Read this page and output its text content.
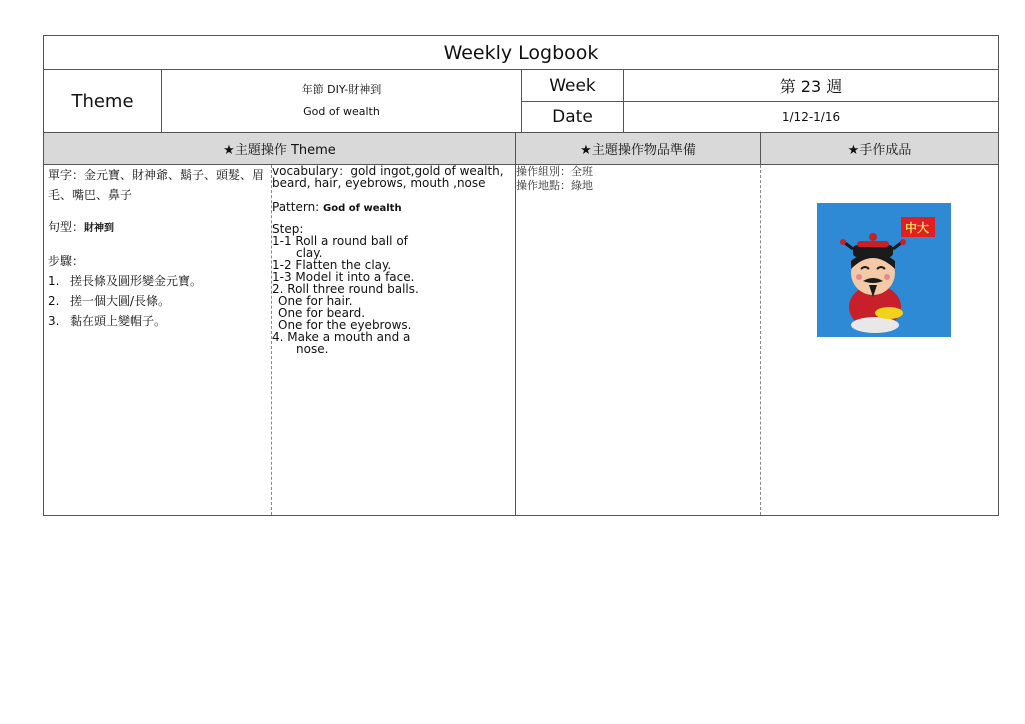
Weekly Logbook
Theme
年節 DIY-財神到
God of wealth
Week	第 23 週
Date	1/12-1/16
★主題操作 Theme	★主題操作物品準備	★手作成品
單字：金元寶、財神爺、鬍子、頭髮、眉毛、嘴巴、鼻子
句型：財神到
步驟：
1. 搓長條及圓形變金元寶。
2. 搓一個大圓/長條。
3. 黏在頭上變帽子。
vocabulary：gold ingot,gold of wealth,
beard, hair, eyebrows, mouth ,nose
Pattern: God of wealth
Step:
1-1 Roll a round ball of
clay.
1-2 Flatten the clay.
1-3 Model it into a face.
2. Roll three round balls.
One for hair.
One for beard.
One for the eyebrows.
4. Make a mouth and a
nose.
操作組別：全班
操作地點：綠地
中大
